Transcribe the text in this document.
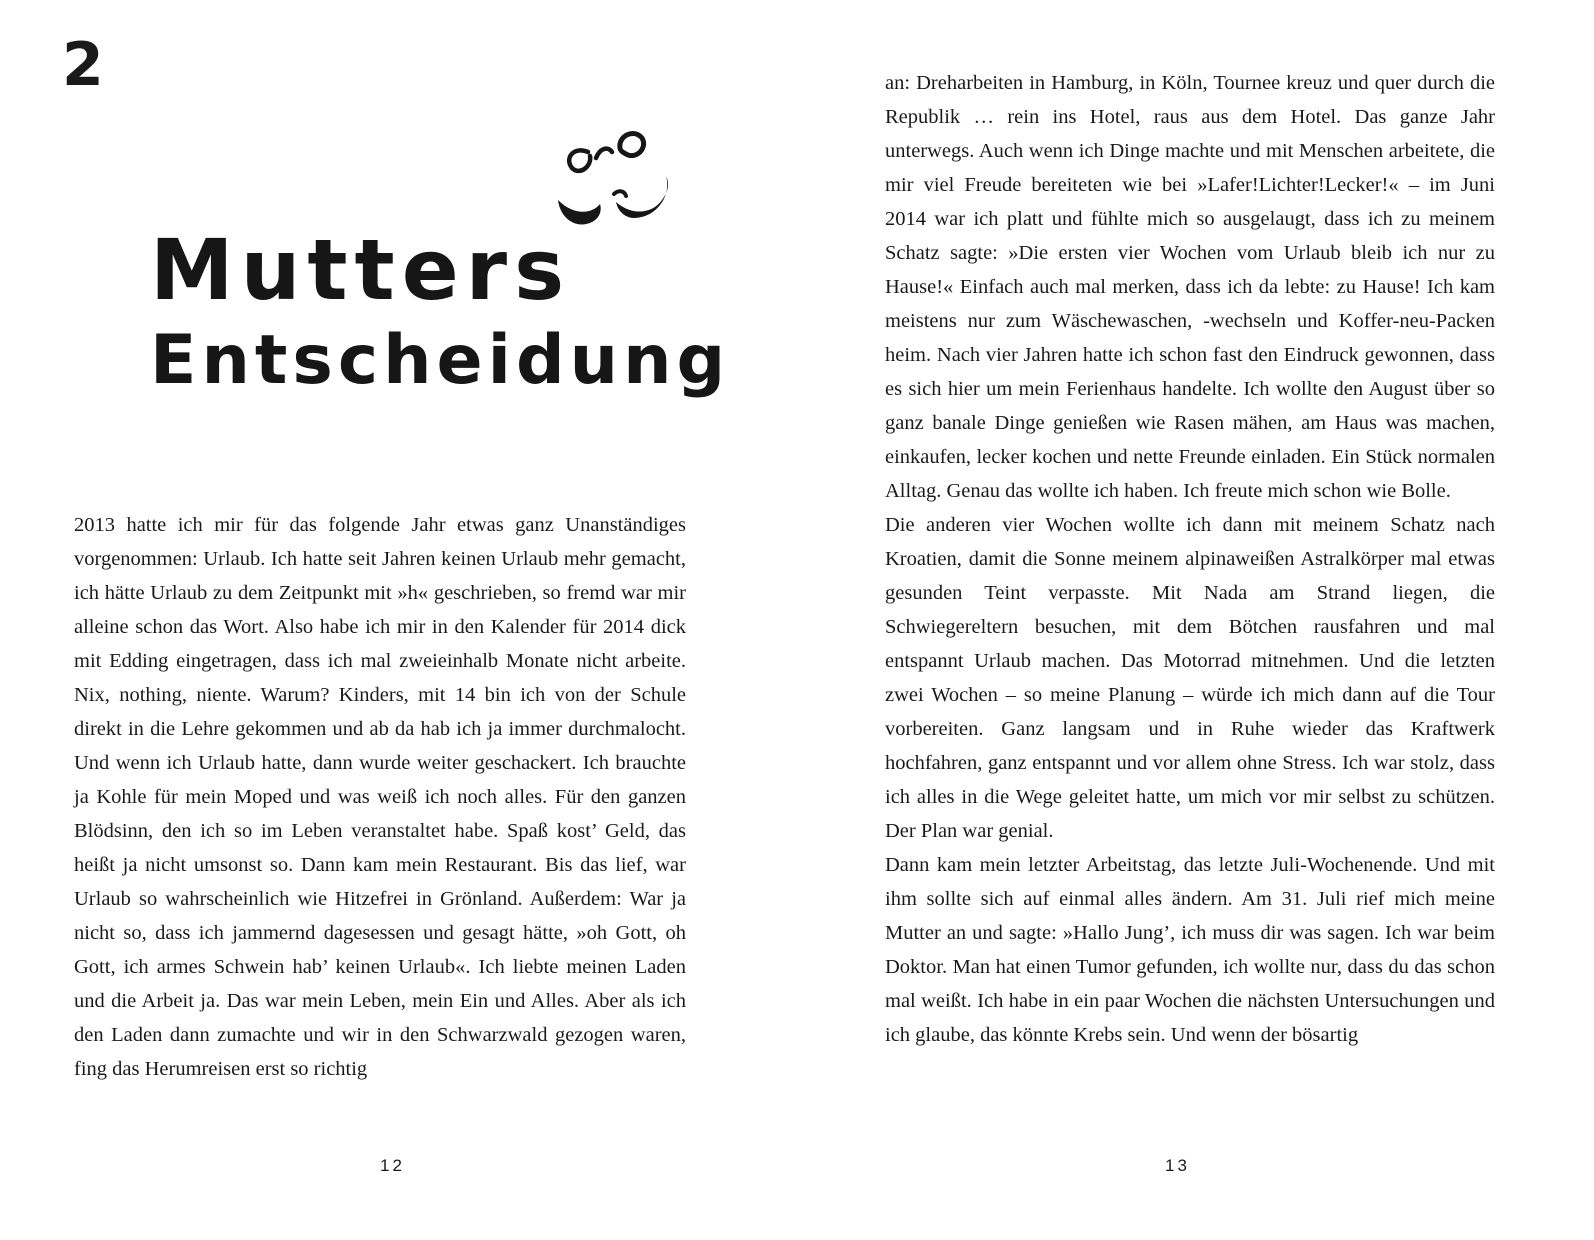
2
Mutters
Entscheidung

2013 hatte ich mir für das folgende Jahr etwas ganz Unanständiges vorgenommen: Urlaub. Ich hatte seit Jahren keinen Urlaub mehr gemacht, ich hätte Urlaub zu dem Zeitpunkt mit »h« geschrieben, so fremd war mir alleine schon das Wort. Also habe ich mir in den Kalender für 2014 dick mit Edding eingetragen, dass ich mal zweieinhalb Monate nicht arbeite. Nix, nothing, niente. Warum? Kinders, mit 14 bin ich von der Schule direkt in die Lehre gekommen und ab da hab ich ja immer durchmalocht. Und wenn ich Urlaub hatte, dann wurde weiter geschackert. Ich brauchte ja Kohle für mein Moped und was weiß ich noch alles. Für den ganzen Blödsinn, den ich so im Leben veranstaltet habe. Spaß kost’ Geld, das heißt ja nicht umsonst so. Dann kam mein Restaurant. Bis das lief, war Urlaub so wahrscheinlich wie Hitzefrei in Grönland. Außerdem: War ja nicht so, dass ich jammernd dagesessen und gesagt hätte, »oh Gott, oh Gott, ich armes Schwein hab’ keinen Urlaub«. Ich liebte meinen Laden und die Arbeit ja. Das war mein Leben, mein Ein und Alles. Aber als ich den Laden dann zumachte und wir in den Schwarzwald gezogen waren, fing das Herumreisen erst so richtig

12

an: Dreharbeiten in Hamburg, in Köln, Tournee kreuz und quer durch die Republik … rein ins Hotel, raus aus dem Hotel. Das ganze Jahr unterwegs. Auch wenn ich Dinge machte und mit Menschen arbeitete, die mir viel Freude bereiteten wie bei »Lafer!Lichter!Lecker!« – im Juni 2014 war ich platt und fühlte mich so ausgelaugt, dass ich zu meinem Schatz sagte: »Die ersten vier Wochen vom Urlaub bleib ich nur zu Hause!« Einfach auch mal merken, dass ich da lebte: zu Hause! Ich kam meistens nur zum Wäschewaschen, -wechseln und Koffer-neu-Packen heim. Nach vier Jahren hatte ich schon fast den Eindruck gewonnen, dass es sich hier um mein Ferienhaus handelte. Ich wollte den August über so ganz banale Dinge genießen wie Rasen mähen, am Haus was machen, einkaufen, lecker kochen und nette Freunde einladen. Ein Stück normalen Alltag. Genau das wollte ich haben. Ich freute mich schon wie Bolle.

Die anderen vier Wochen wollte ich dann mit meinem Schatz nach Kroatien, damit die Sonne meinem alpinaweißen Astralkörper mal etwas gesunden Teint verpasste. Mit Nada am Strand liegen, die Schwiegereltern besuchen, mit dem Bötchen rausfahren und mal entspannt Urlaub machen. Das Motorrad mitnehmen. Und die letzten zwei Wochen – so meine Planung – würde ich mich dann auf die Tour vorbereiten. Ganz langsam und in Ruhe wieder das Kraftwerk hochfahren, ganz entspannt und vor allem ohne Stress. Ich war stolz, dass ich alles in die Wege geleitet hatte, um mich vor mir selbst zu schützen. Der Plan war genial.

Dann kam mein letzter Arbeitstag, das letzte Juli-Wochenende. Und mit ihm sollte sich auf einmal alles ändern. Am 31. Juli rief mich meine Mutter an und sagte: »Hallo Jung’, ich muss dir was sagen. Ich war beim Doktor. Man hat einen Tumor gefunden, ich wollte nur, dass du das schon mal weißt. Ich habe in ein paar Wochen die nächsten Untersuchungen und ich glaube, das könnte Krebs sein. Und wenn der bösartig

13
